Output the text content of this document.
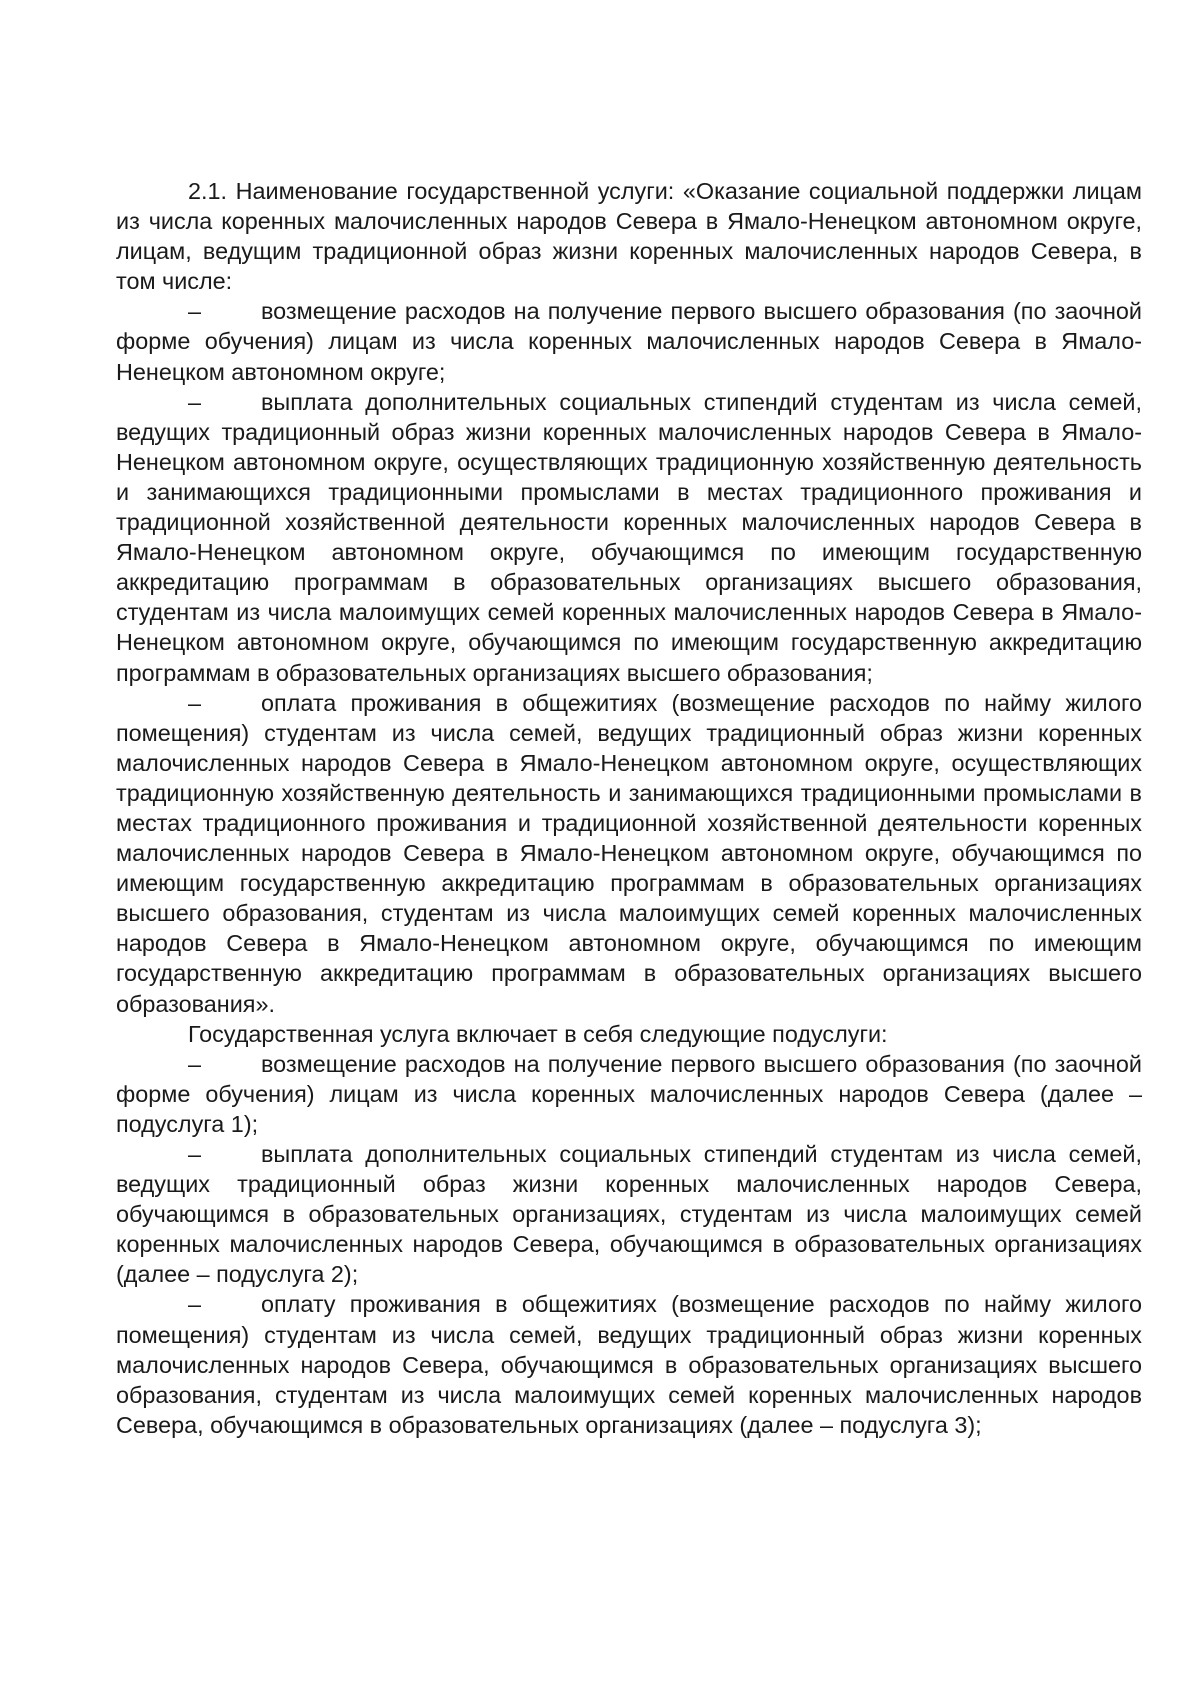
2.1. Наименование государственной услуги: «Оказание социальной поддержки лицам из числа коренных малочисленных народов Севера в Ямало-Ненецком автономном округе, лицам, ведущим традиционной образ жизни коренных малочисленных народов Севера, в том числе:

–	возмещение расходов на получение первого высшего образования (по заочной форме обучения) лицам из числа коренных малочисленных народов Севера в Ямало-Ненецком автономном округе;

–	выплата дополнительных социальных стипендий студентам из числа семей, ведущих традиционный образ жизни коренных малочисленных народов Севера в Ямало-Ненецком автономном округе, осуществляющих традиционную хозяйственную деятельность и занимающихся традиционными промыслами в местах традиционного проживания и традиционной хозяйственной деятельности коренных малочисленных народов Севера в Ямало-Ненецком автономном округе, обучающимся по имеющим государственную аккредитацию программам в образовательных организациях высшего образования, студентам из числа малоимущих семей коренных малочисленных народов Севера в Ямало-Ненецком автономном округе, обучающимся по имеющим государственную аккредитацию программам в образовательных организациях высшего образования;

–	оплата проживания в общежитиях (возмещение расходов по найму жилого помещения) студентам из числа семей, ведущих традиционный образ жизни коренных малочисленных народов Севера в Ямало-Ненецком автономном округе, осуществляющих традиционную хозяйственную деятельность и занимающихся традиционными промыслами в местах традиционного проживания и традиционной хозяйственной деятельности коренных малочисленных народов Севера в Ямало-Ненецком автономном округе, обучающимся по имеющим государственную аккредитацию программам в образовательных организациях высшего образования, студентам из числа малоимущих семей коренных малочисленных народов Севера в Ямало-Ненецком автономном округе, обучающимся по имеющим государственную аккредитацию программам в образовательных организациях высшего образования».

Государственная услуга включает в себя следующие подуслуги:

–	возмещение расходов на получение первого высшего образования (по заочной форме обучения) лицам из числа коренных малочисленных народов Севера (далее – подуслуга 1);

–	выплата дополнительных социальных стипендий студентам из числа семей, ведущих традиционный образ жизни коренных малочисленных народов Севера, обучающимся в образовательных организациях, студентам из числа малоимущих семей коренных малочисленных народов Севера, обучающимся в образовательных организациях (далее – подуслуга 2);

–	оплату проживания в общежитиях (возмещение расходов по найму жилого помещения) студентам из числа семей, ведущих традиционный образ жизни коренных малочисленных народов Севера, обучающимся в образовательных организациях высшего образования, студентам из числа малоимущих семей коренных малочисленных народов Севера, обучающимся в образовательных организациях (далее – подуслуга 3);
